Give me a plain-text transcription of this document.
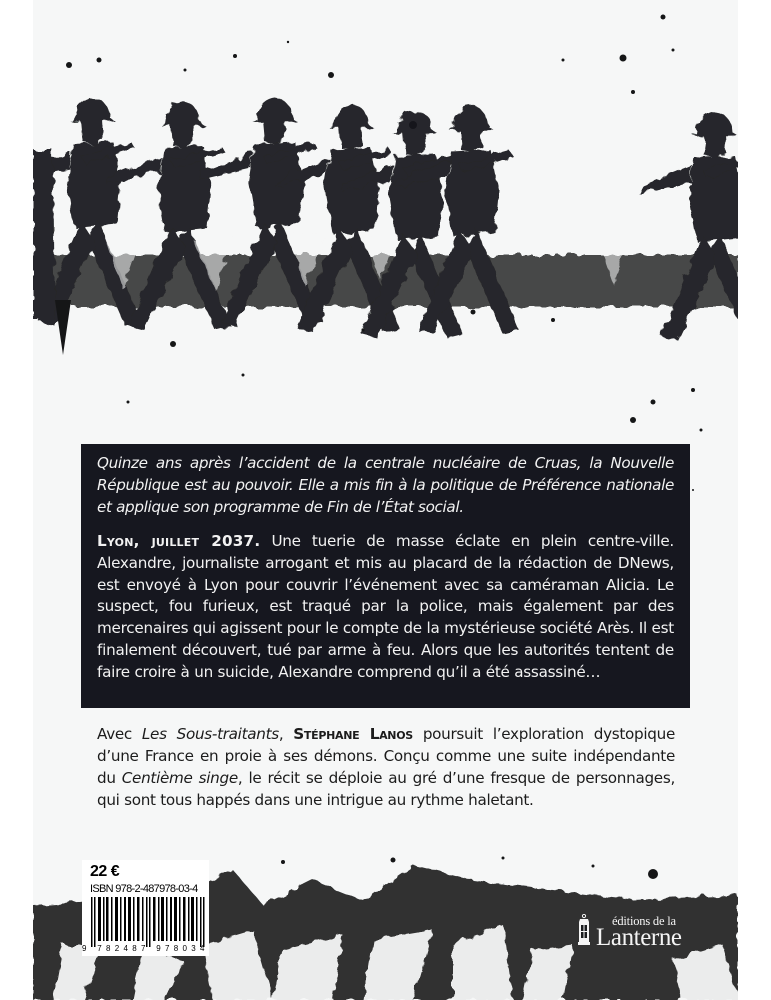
Quinze ans après l’accident de la centrale nucléaire de Cruas, la Nouvelle République est au pouvoir. Elle a mis fin à la politique de Préférence nationale et applique son programme de Fin de l’État social.

Lyon, juillet 2037. Une tuerie de masse éclate en plein centre-ville. Alexandre, journaliste arrogant et mis au placard de la rédaction de DNews, est envoyé à Lyon pour couvrir l’événement avec sa caméraman Alicia. Le suspect, fou furieux, est traqué par la police, mais également par des mercenaires qui agissent pour le compte de la mystérieuse société Arès. Il est finalement découvert, tué par arme à feu. Alors que les autorités tentent de faire croire à un suicide, Alexandre comprend qu’il a été assassiné…

Avec Les Sous-traitants, Stéphane Lanos poursuit l’exploration dystopique d’une France en proie à ses démons. Conçu comme une suite indépendante du Centième singe, le récit se déploie au gré d’une fresque de personnages, qui sont tous happés dans une intrigue au rythme haletant.

22 €
ISBN 978-2-487978-03-4
9 782487 978034
éditions de la
Lanterne
